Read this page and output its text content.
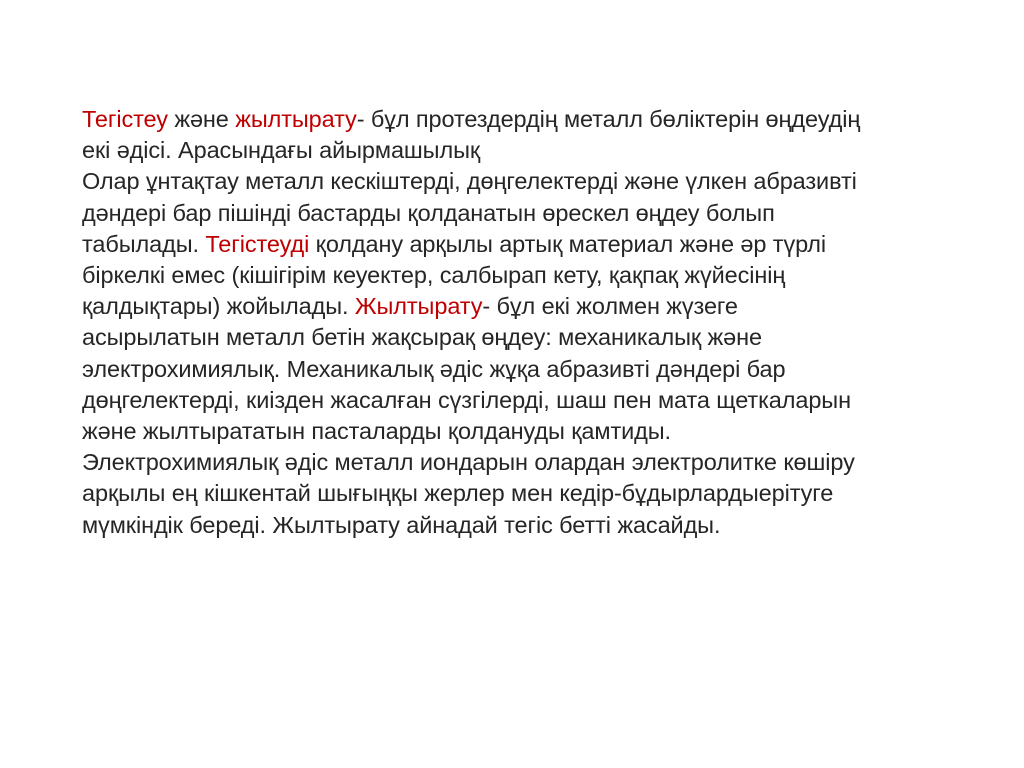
Тегістеу және жылтырату- бұл протездердің металл бөліктерін өңдеудің
екі әдісі. Арасындағы айырмашылық
Олар ұнтақтау металл кескіштерді, дөңгелектерді және үлкен абразивті
дәндері бар пішінді бастарды қолданатын өрескел өңдеу болып
табылады. Тегістеуді қолдану арқылы артық материал және әр түрлі
біркелкі емес (кішігірім кеуектер, салбырап кету, қақпақ жүйесінің
қалдықтары) жойылады. Жылтырату- бұл екі жолмен жүзеге
асырылатын металл бетін жақсырақ өңдеу: механикалық және
электрохимиялық. Механикалық әдіс жұқа абразивті дәндері бар
дөңгелектерді, киізден жасалған сүзгілерді, шаш пен мата щеткаларын
және жылтырататын пасталарды қолдануды қамтиды.
Электрохимиялық әдіс металл иондарын олардан электролитке көшіру
арқылы ең кішкентай шығыңқы жерлер мен кедір-бұдырлардыерітуге
мүмкіндік береді. Жылтырату айнадай тегіс бетті жасайды.
